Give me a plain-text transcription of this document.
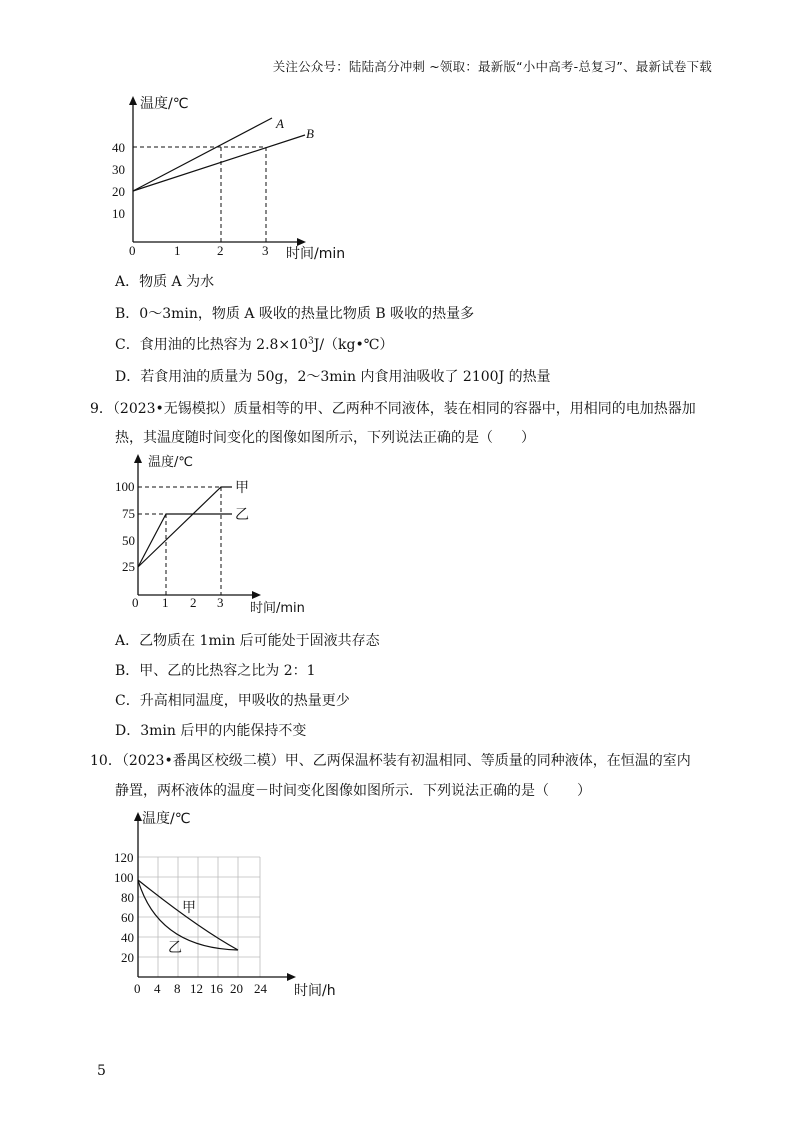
关注公众号：陆陆高分冲刺 ~领取：最新版“小中高考-总复习”、最新试卷下载
温度/℃
时间/min
40
30
20
10
0	1	2	3
A
B
A．物质 A 为水
B．0～3min，物质 A 吸收的热量比物质 B 吸收的热量多
C．食用油的比热容为 $2.8\times 10^3J/(kg•℃)$
D．若食用油的质量为 50g，2～3min 内食用油吸收了 2100J 的热量
9．（2023•无锡模拟）质量相等的甲、乙两种不同液体，装在相同的容器中，用相同的电加热器加
热，其温度随时间变化的图像如图所示，下列说法正确的是（　　）
温度/℃
时间/min
100
75
50
25
0 1 2 3
甲
乙
A．乙物质在 1min 后可能处于固液共存态
B．甲、乙的比热容之比为 2：1
C．升高相同温度，甲吸收的热量更少
D．3min 后甲的内能保持不变
10．（2023•番禺区校级二模）甲、乙两保温杯装有初温相同、等质量的同种液体，在恒温的室内
静置，两杯液体的温度－时间变化图像如图所示．下列说法正确的是（　　）
温度/℃
时间/h
120
100
80
60
40
20
0 4 8 12 16 20 24
甲
乙
5
